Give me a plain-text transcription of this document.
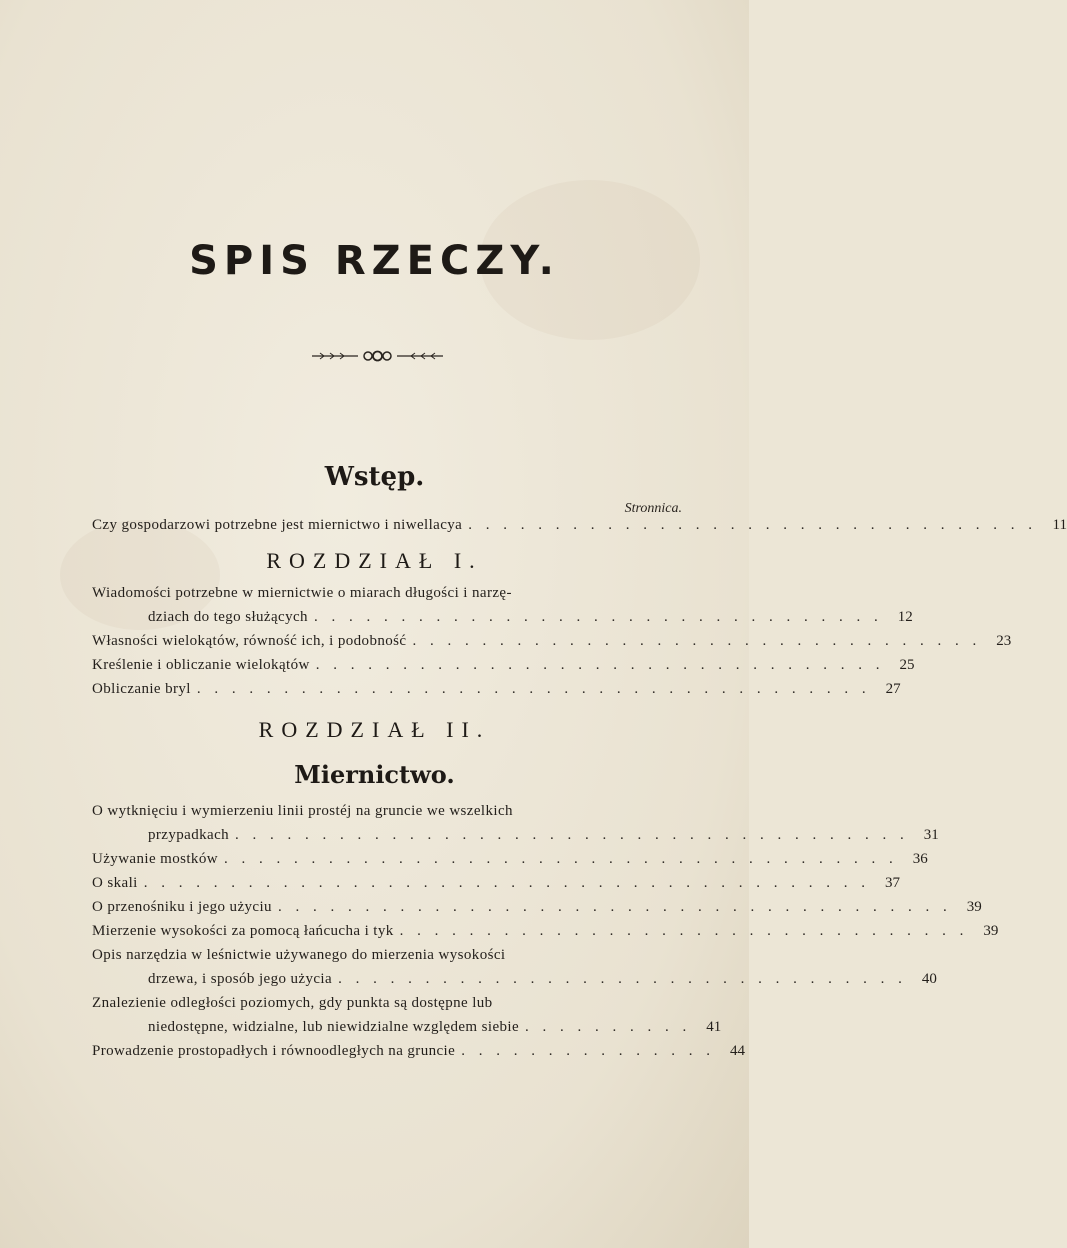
SPIS RZECZY.
Wstęp.
Stronnica.
Czy gospodarzowi potrzebne jest miernictwo i niwellacya . . . . . . . . . . . . . . . . . . . . . . . . . . . . . . . . .	11
ROZDZIAŁ I.
Wiadomości potrzebne w miernictwie o miarach długości i narzę-
dziach do tego służących . . . . . . . . . . . . . . . . . . . . . . . . . . . . . . . . .	12
Własności wielokątów, równość ich, i podobność . . . . . . . . . . . . . . . . . . . . . . . . . . . . . . . . .	23
Kreślenie i obliczanie wielokątów . . . . . . . . . . . . . . . . . . . . . . . . . . . . . . . . .	25
Obliczanie bryl . . . . . . . . . . . . . . . . . . . . . . . . . . . . . . . . . . . . . . .	27
ROZDZIAŁ II.
Miernictwo.
O wytknięciu i wymierzeniu linii prostéj na gruncie we wszelkich
przypadkach . . . . . . . . . . . . . . . . . . . . . . . . . . . . . . . . . . . . . . .	31
Używanie mostków . . . . . . . . . . . . . . . . . . . . . . . . . . . . . . . . . . . . . . .	36
O skali . . . . . . . . . . . . . . . . . . . . . . . . . . . . . . . . . . . . . . . . . .	37
O przenośniku i jego użyciu . . . . . . . . . . . . . . . . . . . . . . . . . . . . . . . . . . . . . . .	39
Mierzenie wysokości za pomocą łańcucha i tyk . . . . . . . . . . . . . . . . . . . . . . . . . . . . . . . . .	39
Opis narzędzia w leśnictwie używanego do mierzenia wysokości
drzewa, i sposób jego użycia . . . . . . . . . . . . . . . . . . . . . . . . . . . . . . . . .	40
Znalezienie odległości poziomych, gdy punkta są dostępne lub
niedostępne, widzialne, lub niewidzialne względem siebie . . . . . . . . . .	41
Prowadzenie prostopadłych i równoodległych na gruncie . . . . . . . . . . . . . . .	44
